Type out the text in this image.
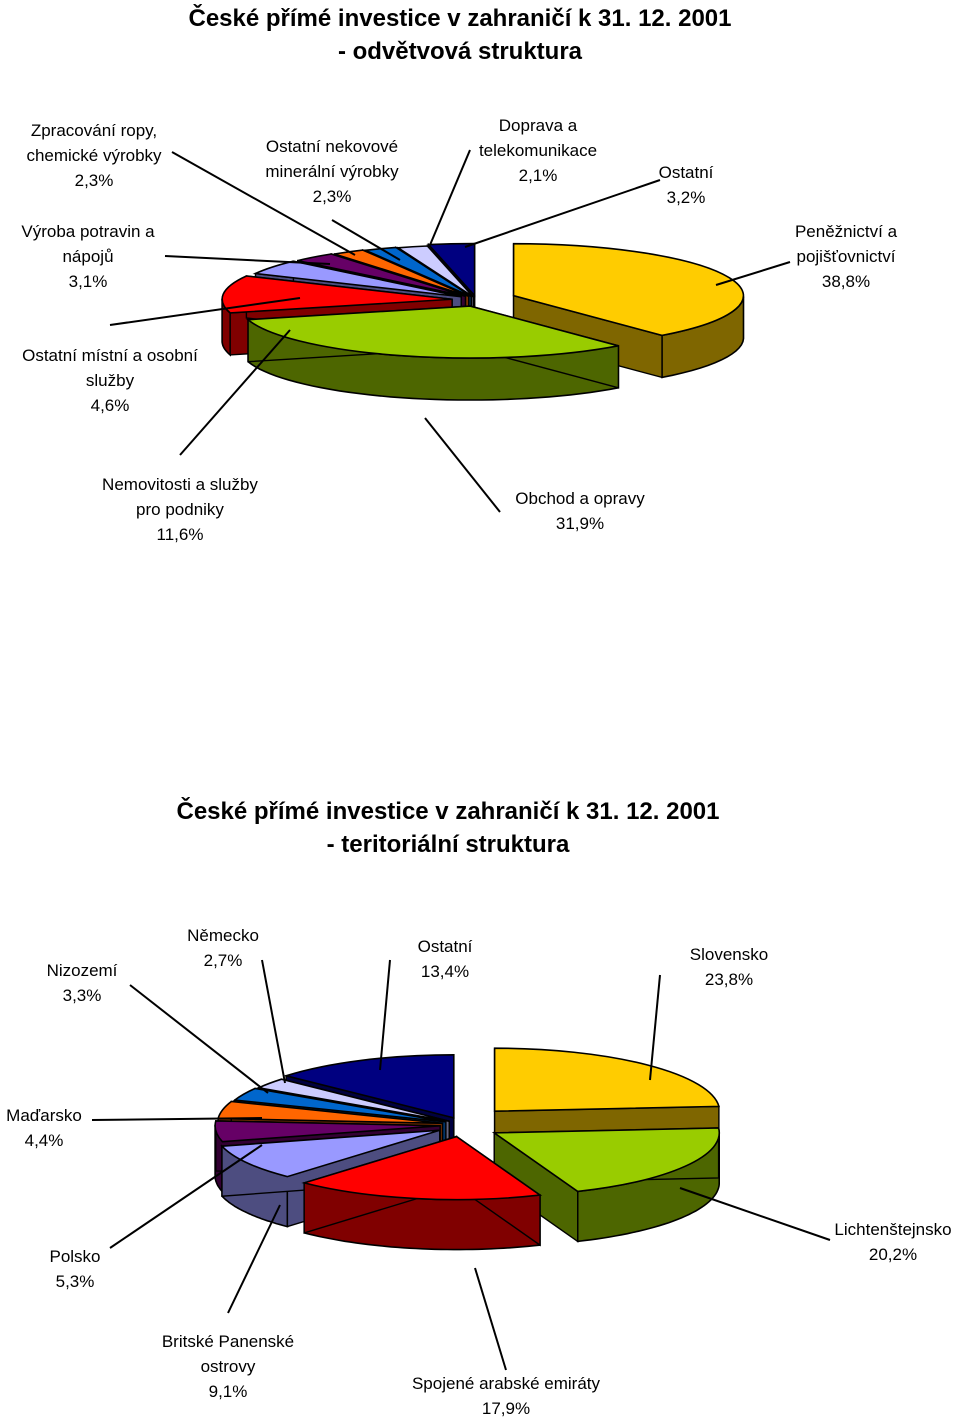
České přímé investice v zahraničí k 31. 12. 2001
- odvětvová struktura
Peněžnictví a
pojišťovnictví
38,8%
Obchod a opravy
31,9%
Nemovitosti a služby
pro podniky
11,6%
Ostatní místní a osobní
služby
4,6%
Výroba potravin a
nápojů
3,1%
Zpracování ropy,
chemické výrobky
2,3%
Ostatní nekovové
minerální výrobky
2,3%
Doprava a
telekomunikace
2,1%	Ostatní
3,2%
České přímé investice v zahraničí k 31. 12. 2001
- teritoriální struktura
Slovensko
23,8%
Lichtenštejnsko
20,2%
Spojené arabské emiráty
17,9%
Britské Panenské
ostrovy
9,1%
Polsko
5,3%
Maďarsko
4,4%
Nizozemí
3,3%
Německo
2,7%
Ostatní
13,4%
